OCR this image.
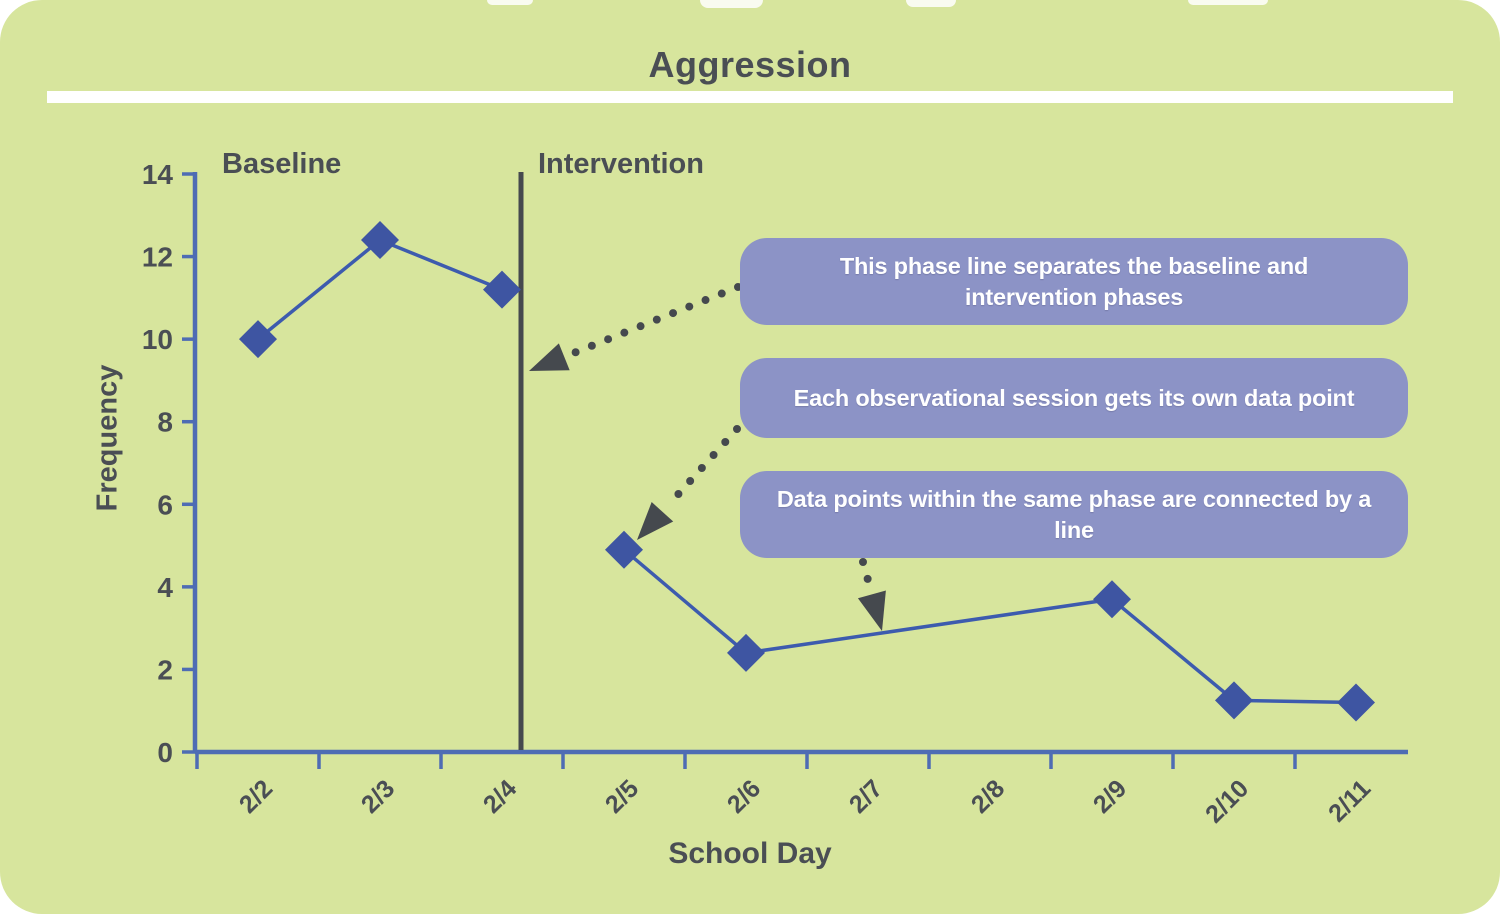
Aggression
0
2
4
6
8
10
12
14
2/2	2/3	2/4	2/5	2/6	2/7	2/8	2/9	2/10	2/11
Baseline	Intervention
Frequency
School Day
This phase line separates the baseline and intervention phases
Each observational session gets its own data point
Data points within the same phase are connected by a line
